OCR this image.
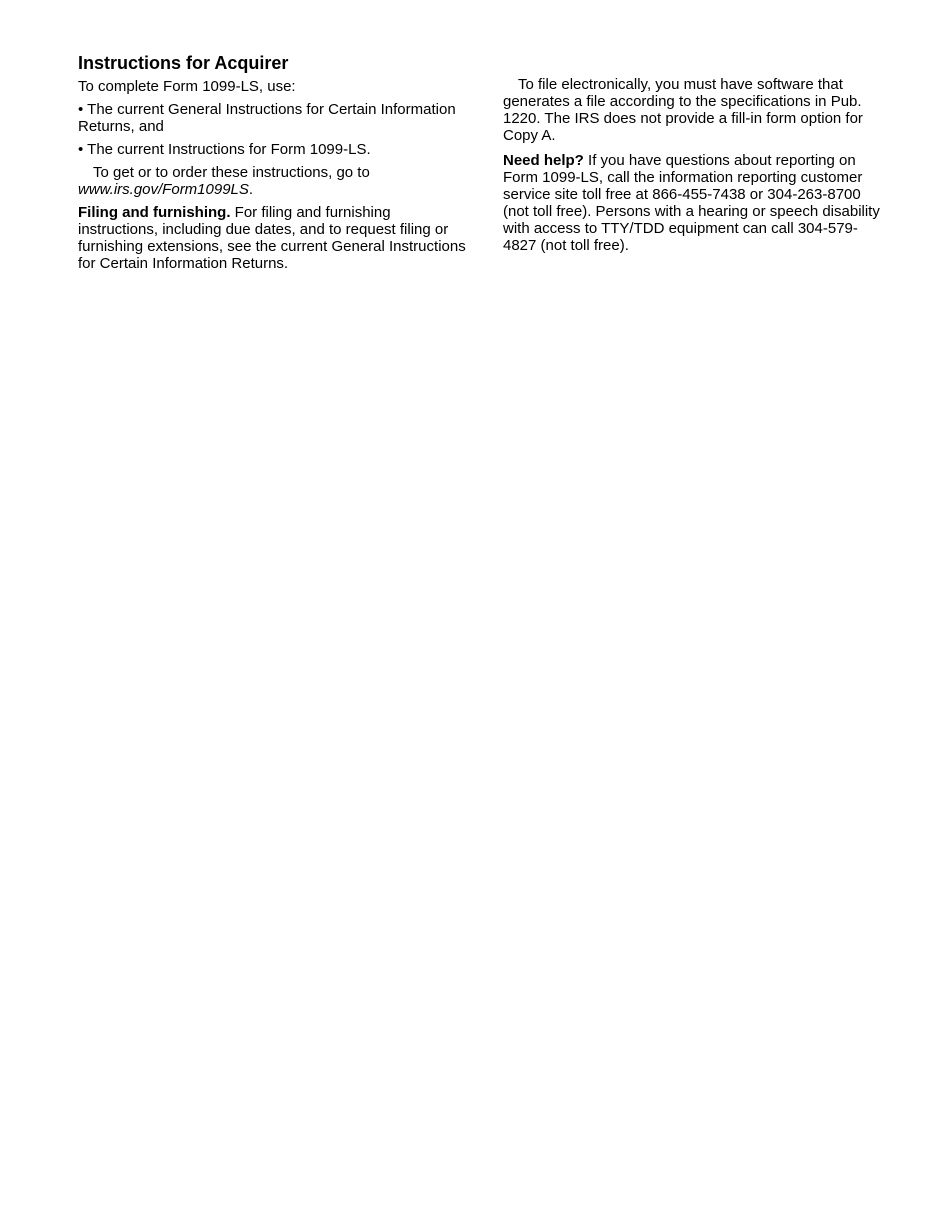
Instructions for Acquirer

To complete Form 1099-LS, use:

• The current General Instructions for Certain Information Returns, and

• The current Instructions for Form 1099-LS.

To get or to order these instructions, go to
www.irs.gov/Form1099LS.

Filing and furnishing. For filing and furnishing instructions, including due dates, and to request filing or furnishing extensions, see the current General Instructions for Certain Information Returns.

To file electronically, you must have software that generates a file according to the specifications in Pub. 1220. The IRS does not provide a fill-in form option for Copy A.

Need help? If you have questions about reporting on Form 1099-LS, call the information reporting customer service site toll free at 866-455-7438 or 304-263-8700 (not toll free). Persons with a hearing or speech disability with access to TTY/TDD equipment can call 304-579-4827 (not toll free).
